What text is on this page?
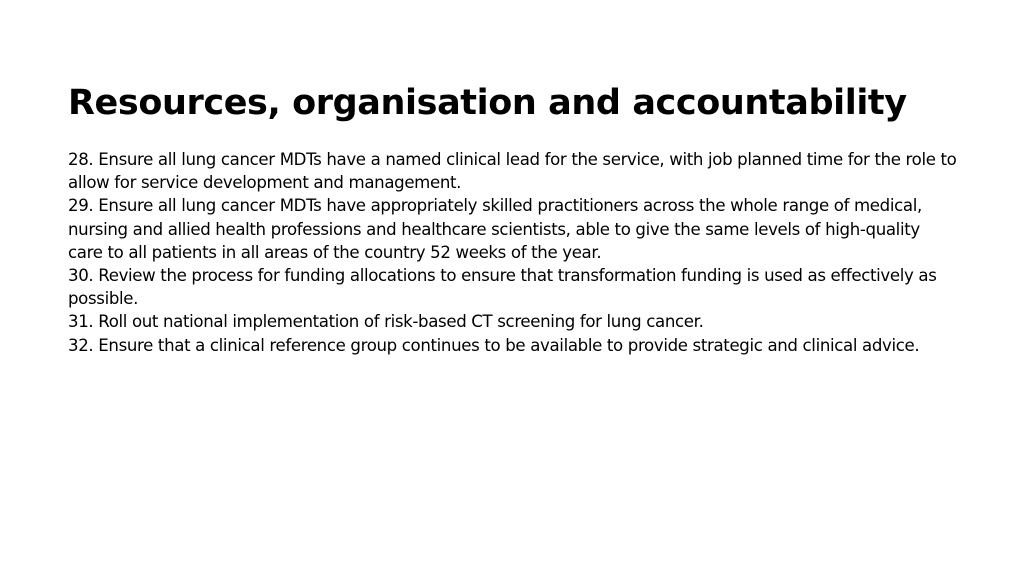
Resources, organisation and accountability
28. Ensure all lung cancer MDTs have a named clinical lead for the service, with job planned time for the role to allow for service development and management.
29. Ensure all lung cancer MDTs have appropriately skilled practitioners across the whole range of medical, nursing and allied health professions and healthcare scientists, able to give the same levels of high-quality care to all patients in all areas of the country 52 weeks of the year.
30. Review the process for funding allocations to ensure that transformation funding is used as effectively as possible.
31. Roll out national implementation of risk-based CT screening for lung cancer.
32. Ensure that a clinical reference group continues to be available to provide strategic and clinical advice.
